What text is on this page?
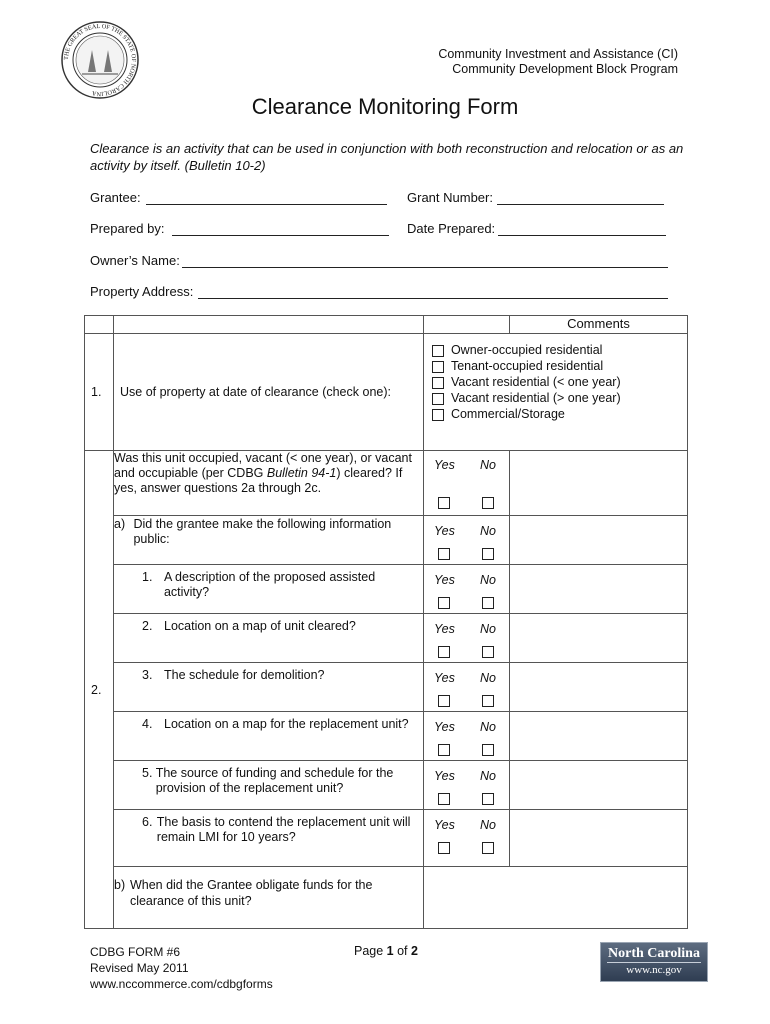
THE GREAT SEAL OF THE STATE OF NORTH CAROLINA
Community Investment and Assistance (CI)
Community Development Block Program
Clearance Monitoring Form
Clearance is an activity that can be used in conjunction with both reconstruction and relocation or as an activity by itself. (Bulletin 10-2)
Grantee:	Grant Number:
Prepared by:	Date Prepared:
Owner’s Name:
Property Address:
			Comments
1.	Use of property at date of clearance (check one):	Owner-occupied residential
Tenant-occupied residential
Vacant residential (< one year)
Vacant residential (> one year)
Commercial/Storage	

2.	Was this unit occupied, vacant (< one year), or vacant and occupiable (per CDBG Bulletin 94-1) cleared? If yes, answer questions 2a through 2c.	Yes No	

	a) Did the grantee make the following information public:	Yes No	

	1. A description of the proposed assisted activity?	Yes No	

	2. Location on a map of unit cleared?	Yes No	

	3. The schedule for demolition?	Yes No	

	4. Location on a map for the replacement unit?	Yes No	

	5. The source of funding and schedule for the provision of the replacement unit?	Yes No	

	6. The basis to contend the replacement unit will remain LMI for 10 years?	Yes No	

	b) When did the Grantee obligate funds for the clearance of this unit?		

CDBG FORM #6
Revised May 2011
www.nccommerce.com/cdbgforms
Page 1 of 2	North Carolina
www.nc.gov
